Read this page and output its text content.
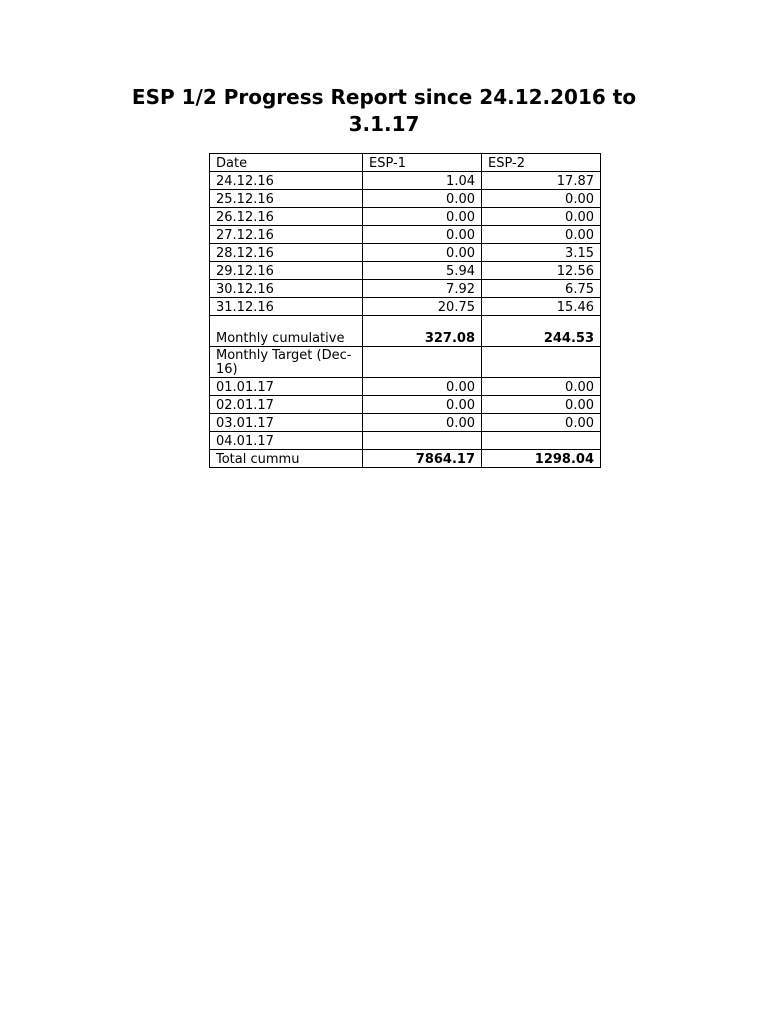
ESP 1/2 Progress Report since 24.12.2016 to
3.1.17
Date	ESP-1	ESP-2
24.12.16	1.04	17.87
25.12.16	0.00	0.00
26.12.16	0.00	0.00
27.12.16	0.00	0.00
28.12.16	0.00	3.15
29.12.16	5.94	12.56
30.12.16	7.92	6.75
31.12.16	20.75	15.46
Monthly cumulative	327.08	244.53
Monthly Target (Dec-16)		
01.01.17	0.00	0.00
02.01.17	0.00	0.00
03.01.17	0.00	0.00
04.01.17		
Total cummu	7864.17	1298.04
